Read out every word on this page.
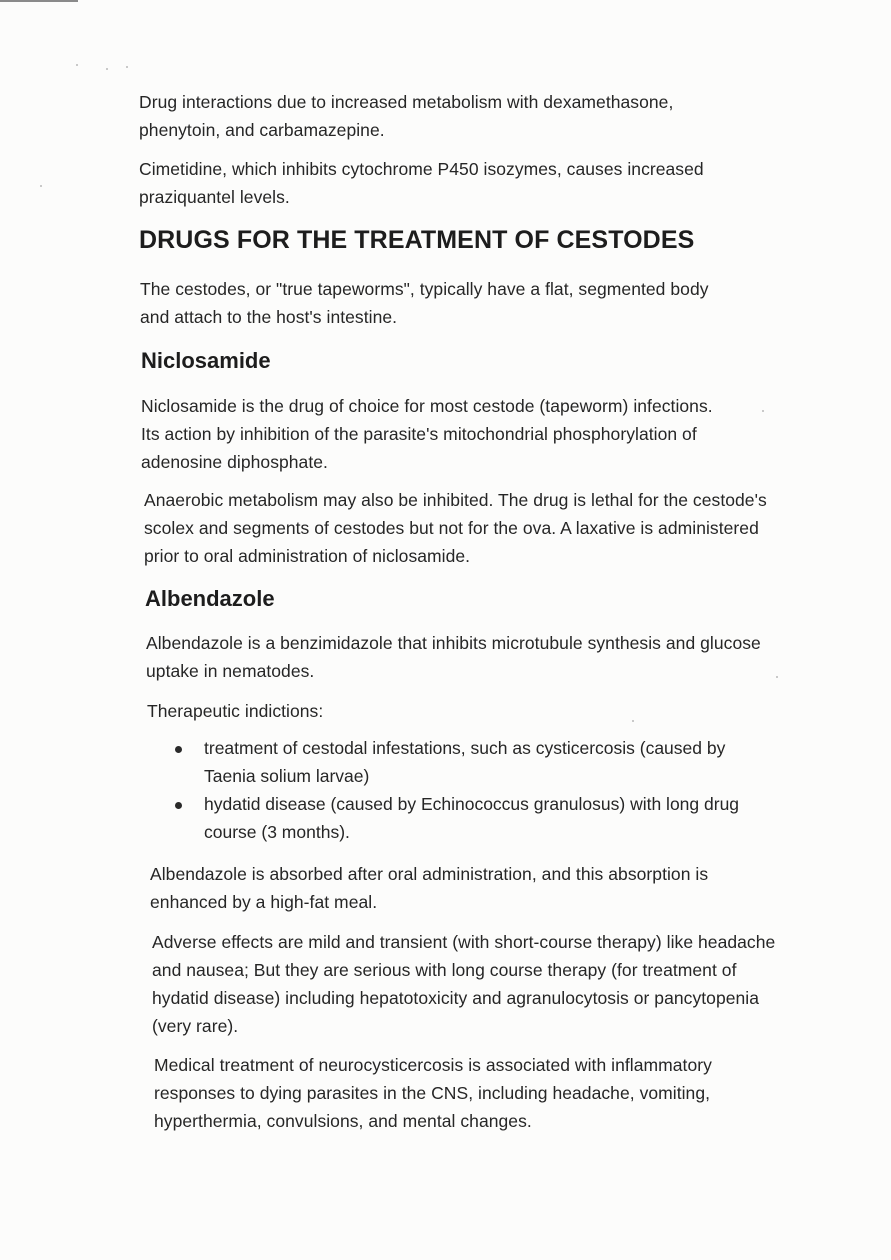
Drug interactions due to increased metabolism with dexamethasone, phenytoin, and carbamazepine.

Cimetidine, which inhibits cytochrome P450 isozymes, causes increased praziquantel levels.

DRUGS FOR THE TREATMENT OF CESTODES

The cestodes, or "true tapeworms", typically have a flat, segmented body and attach to the host's intestine.

Niclosamide

Niclosamide is the drug of choice for most cestode (tapeworm) infections. Its action by inhibition of the parasite's mitochondrial phosphorylation of adenosine diphosphate.

Anaerobic metabolism may also be inhibited. The drug is lethal for the cestode's scolex and segments of cestodes but not for the ova. A laxative is administered prior to oral administration of niclosamide.

Albendazole

Albendazole is a benzimidazole that inhibits microtubule synthesis and glucose uptake in nematodes.

Therapeutic indictions:

treatment of cestodal infestations, such as cysticercosis (caused by Taenia solium larvae)
hydatid disease (caused by Echinococcus granulosus) with long drug course (3 months).

Albendazole is absorbed after oral administration, and this absorption is enhanced by a high-fat meal.

Adverse effects are mild and transient (with short-course therapy) like headache and nausea; But they are serious with long course therapy (for treatment of hydatid disease) including hepatotoxicity and agranulocytosis or pancytopenia (very rare).

Medical treatment of neurocysticercosis is associated with inflammatory responses to dying parasites in the CNS, including headache, vomiting, hyperthermia, convulsions, and mental changes.
